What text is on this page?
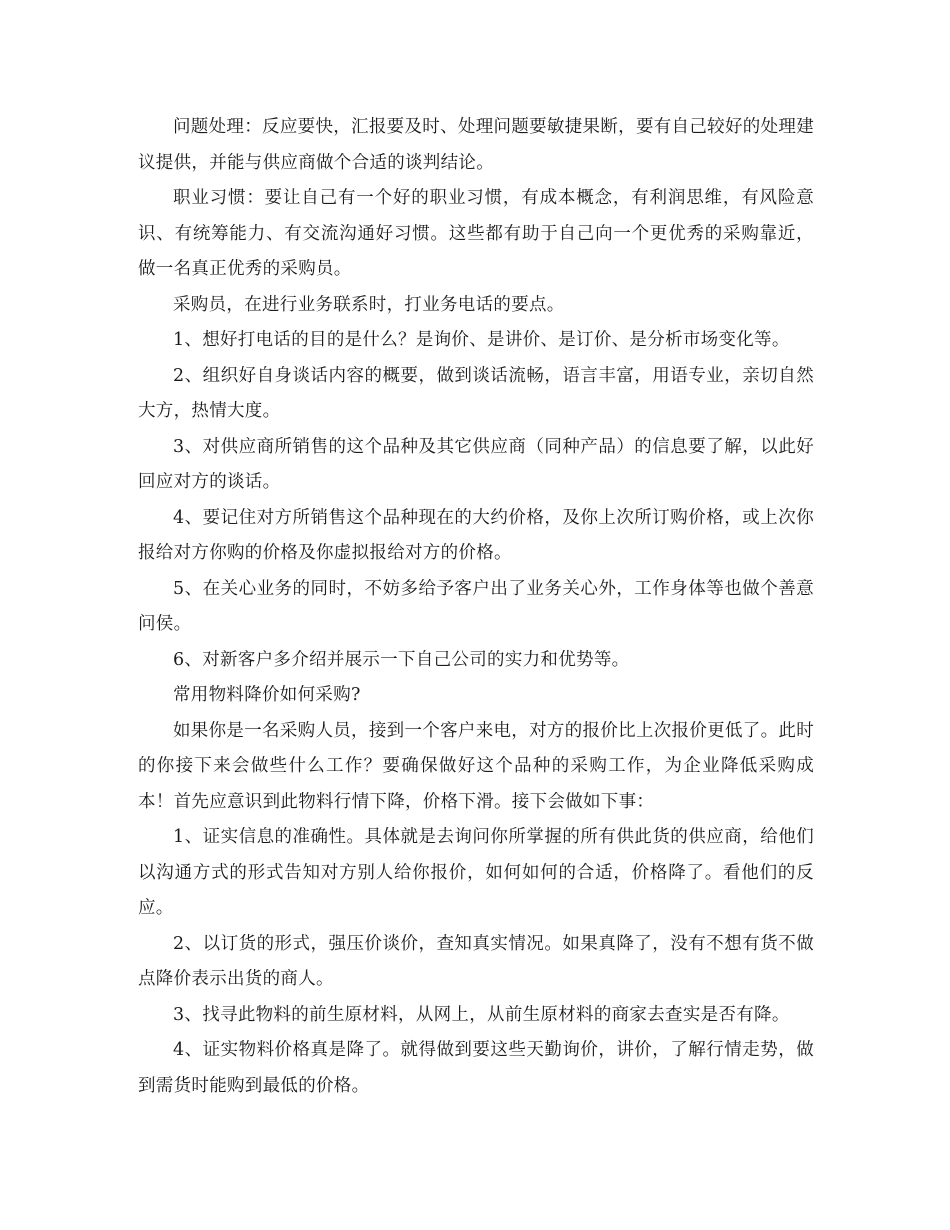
问题处理：反应要快，汇报要及时、处理问题要敏捷果断，要有自己较好的处理建议提供，并能与供应商做个合适的谈判结论。

职业习惯：要让自己有一个好的职业习惯，有成本概念，有利润思维，有风险意识、有统筹能力、有交流沟通好习惯。这些都有助于自己向一个更优秀的采购靠近，做一名真正优秀的采购员。

采购员，在进行业务联系时，打业务电话的要点。

1、想好打电话的目的是什么？是询价、是讲价、是订价、是分析市场变化等。

2、组织好自身谈话内容的概要，做到谈话流畅，语言丰富，用语专业，亲切自然大方，热情大度。

3、对供应商所销售的这个品种及其它供应商（同种产品）的信息要了解，以此好回应对方的谈话。

4、要记住对方所销售这个品种现在的大约价格，及你上次所订购价格，或上次你报给对方你购的价格及你虚拟报给对方的价格。

5、在关心业务的同时，不妨多给予客户出了业务关心外，工作身体等也做个善意问侯。

6、对新客户多介绍并展示一下自己公司的实力和优势等。

常用物料降价如何采购?

如果你是一名采购人员，接到一个客户来电，对方的报价比上次报价更低了。此时的你接下来会做些什么工作？要确保做好这个品种的采购工作，为企业降低采购成本！首先应意识到此物料行情下降，价格下滑。接下会做如下事：

1、证实信息的准确性。具体就是去询问你所掌握的所有供此货的供应商，给他们以沟通方式的形式告知对方别人给你报价，如何如何的合适，价格降了。看他们的反应。

2、以订货的形式，强压价谈价，查知真实情况。如果真降了，没有不想有货不做点降价表示出货的商人。

3、找寻此物料的前生原材料，从网上，从前生原材料的商家去查实是否有降。

4、证实物料价格真是降了。就得做到要这些天勤询价，讲价，了解行情走势，做到需货时能购到最低的价格。
